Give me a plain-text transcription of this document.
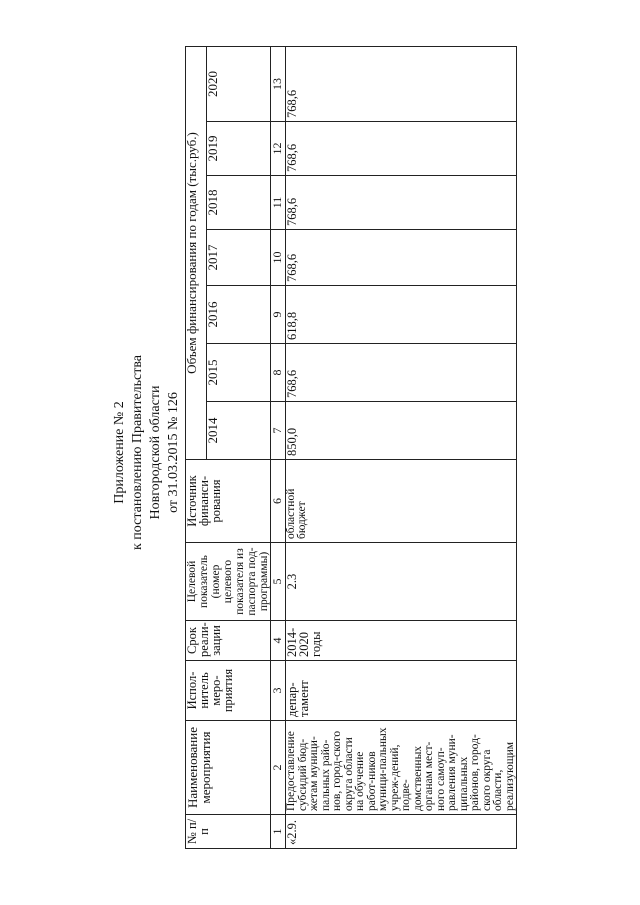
Приложение № 2 к постановлению Правительства Новгородской области от 31.03.2015 № 126
№ п/п	Наименование мероприятия	Испол-нитель меро-приятия	Срок реали-зации	Целевой показатель (номер целевого показателя из паспорта под-программы)	Источник финанси-рования	Объем финансирования по годам (тыс.руб.)						
						2014	2015	2016	2017	2018	2019	2020
1	2	3	4	5	6	7	8	9	10	11	12	13
«2.9.	Предоставление субсидий бюд-жетам муници-пальных райо-нов, город-ского округа области на обучение работ-ников муници-пальных учреж-дений, подве-домственных органам мест-ного самоуп-равления муни-ципальных районов, город-ского округа области, реализующим	депар-тамент	2014-2020 годы	2.3	областной бюджет	850,0	768,6	618,8	768,6	768,6	768,6	768,6
